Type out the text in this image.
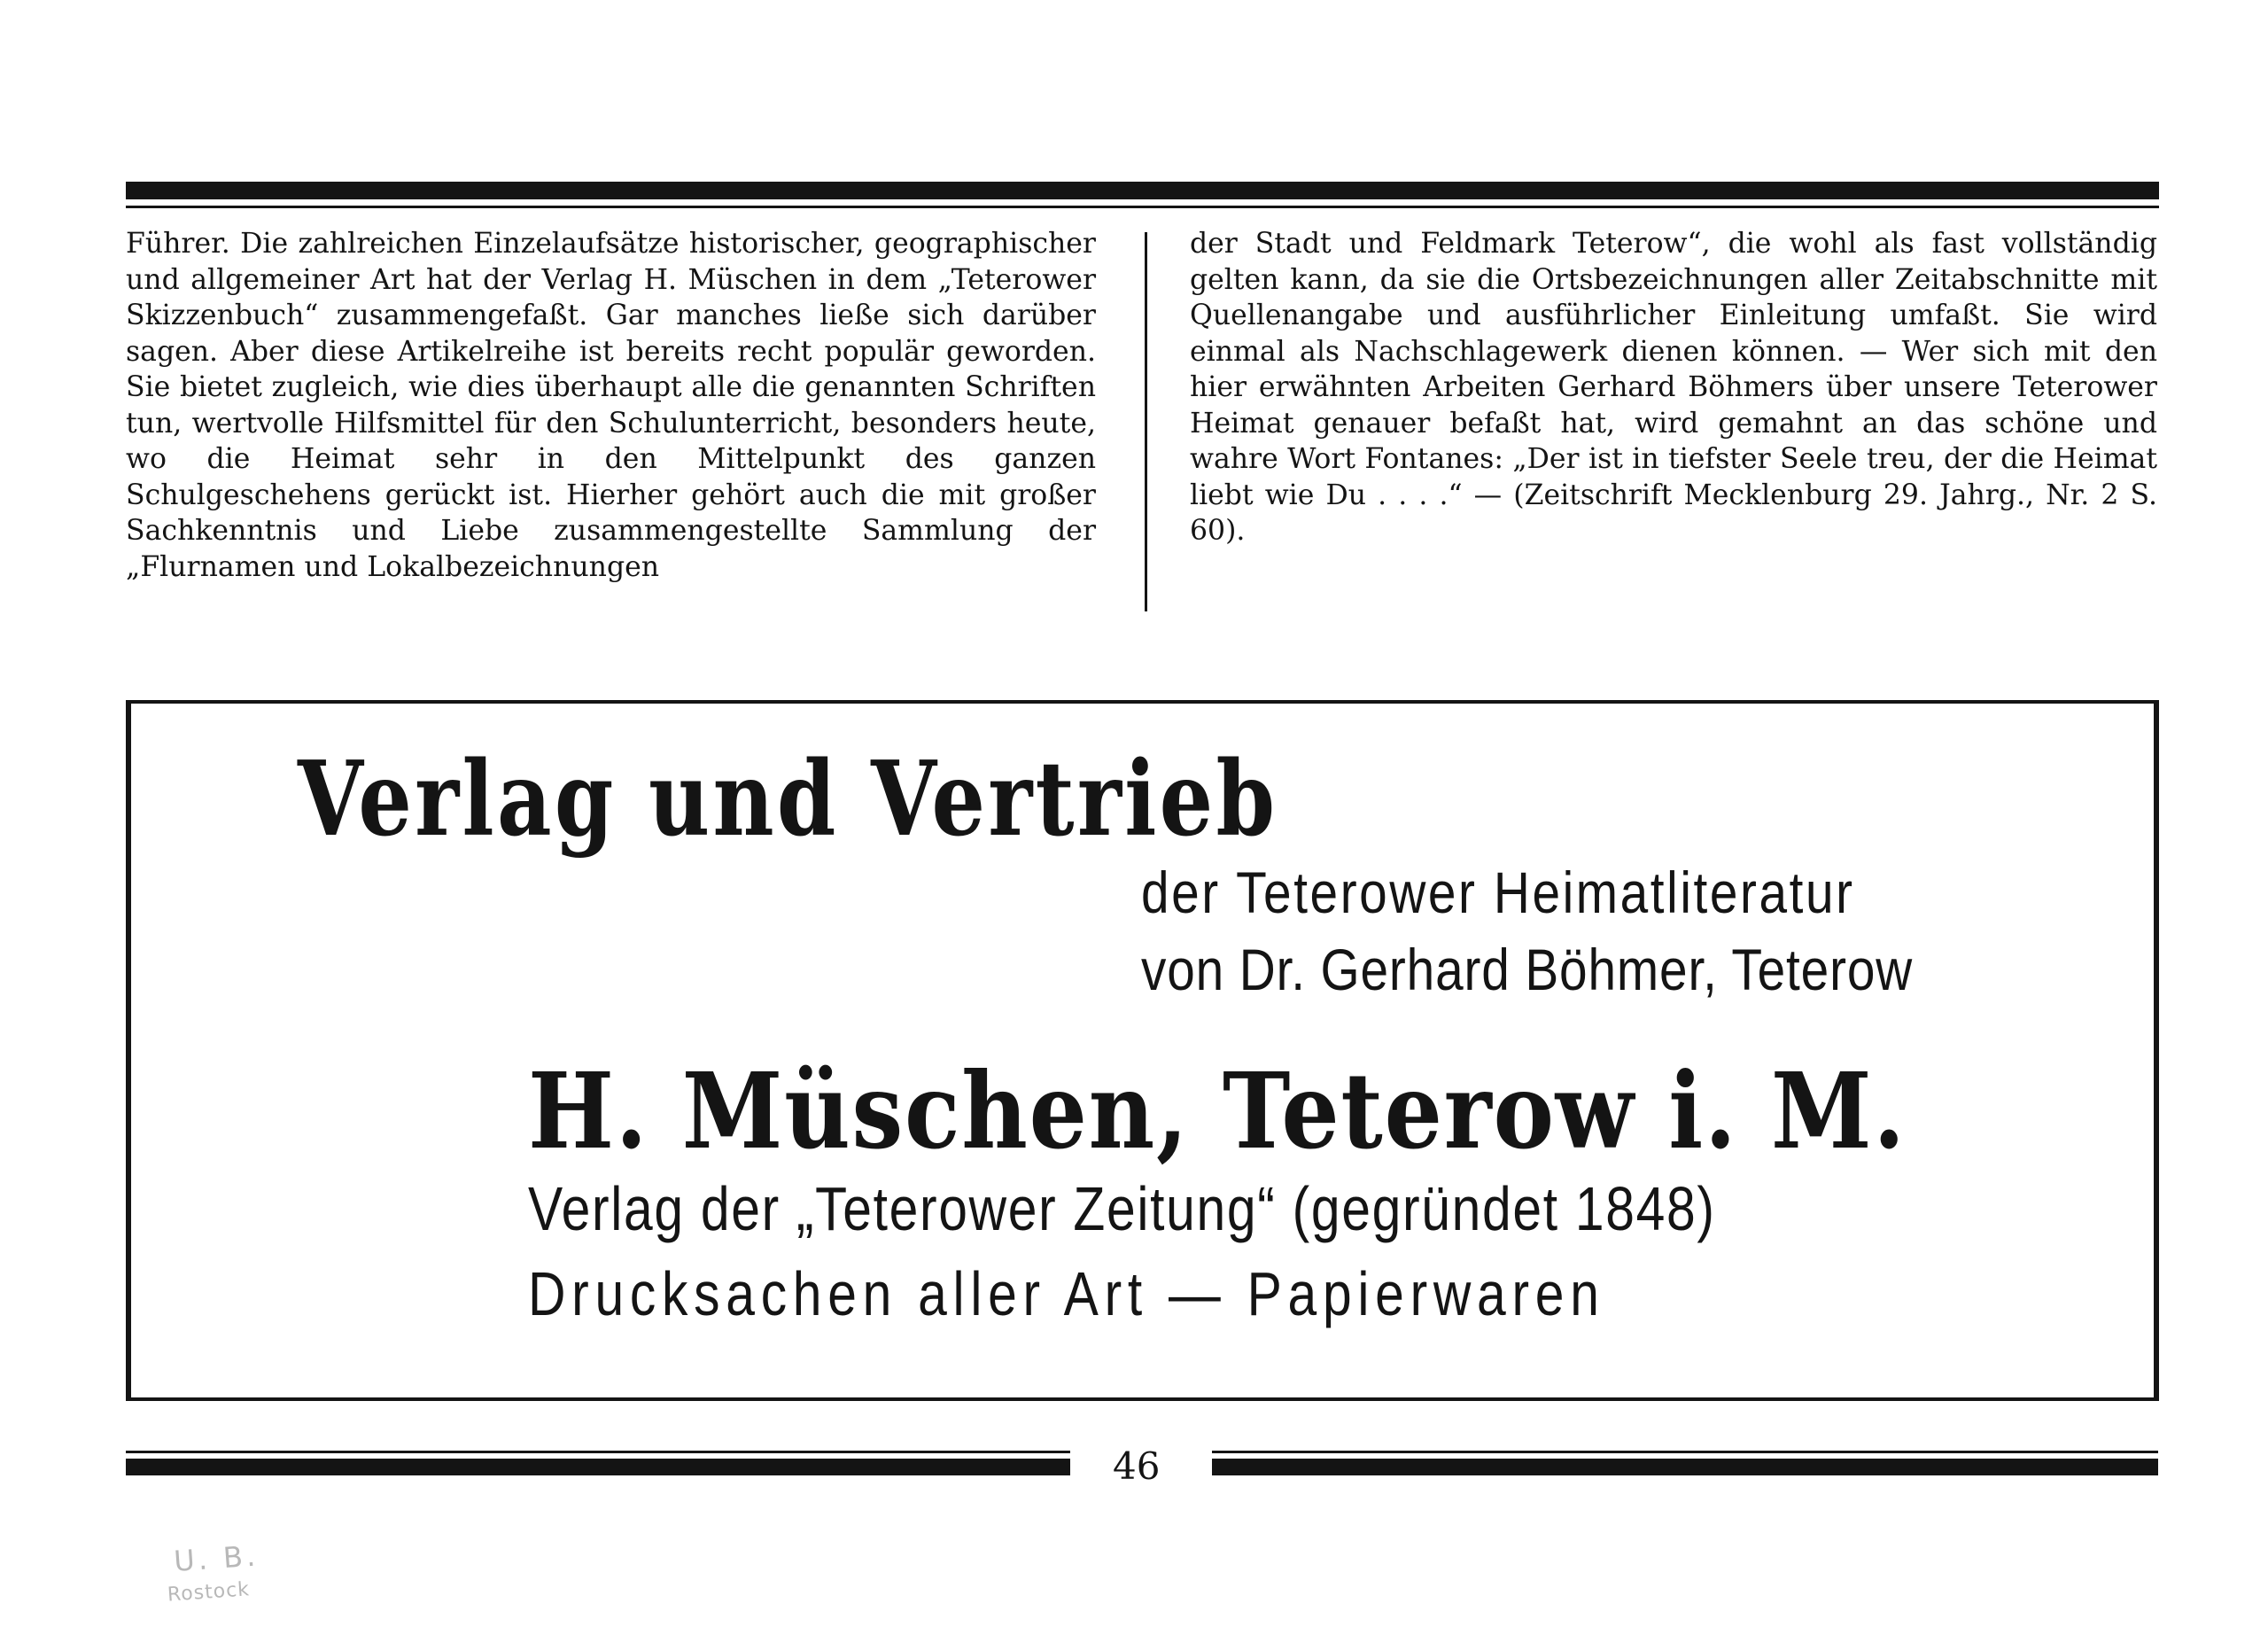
Führer. Die zahlreichen Einzelaufsätze historischer, geographischer und allgemeiner Art hat der Verlag H. Müschen in dem „Teterower Skizzenbuch“ zusammengefaßt. Gar manches ließe sich darüber sagen. Aber diese Artikelreihe ist bereits recht populär geworden. Sie bietet zugleich, wie dies überhaupt alle die genannten Schriften tun, wertvolle Hilfsmittel für den Schulunterricht, besonders heute, wo die Heimat sehr in den Mittelpunkt des ganzen Schulgeschehens gerückt ist. Hierher gehört auch die mit großer Sachkenntnis und Liebe zusammengestellte Sammlung der „Flurnamen und Lokalbezeichnungen

der Stadt und Feldmark Teterow“, die wohl als fast vollständig gelten kann, da sie die Ortsbezeichnungen aller Zeitabschnitte mit Quellenangabe und ausführlicher Einleitung umfaßt. Sie wird einmal als Nachschlagewerk dienen können. — Wer sich mit den hier erwähnten Arbeiten Gerhard Böhmers über unsere Teterower Heimat genauer befaßt hat, wird gemahnt an das schöne und wahre Wort Fontanes: „Der ist in tiefster Seele treu, der die Heimat liebt wie Du . . . .“ — (Zeitschrift Mecklenburg 29. Jahrg., Nr. 2 S. 60).

Verlag und Vertrieb
der Teterower Heimatliteratur
von Dr. Gerhard Böhmer, Teterow
H. Müschen, Teterow i. M.
Verlag der „Teterower Zeitung“ (gegründet 1848)
Drucksachen aller Art — Papierwaren
46
U. B.
Rostock
